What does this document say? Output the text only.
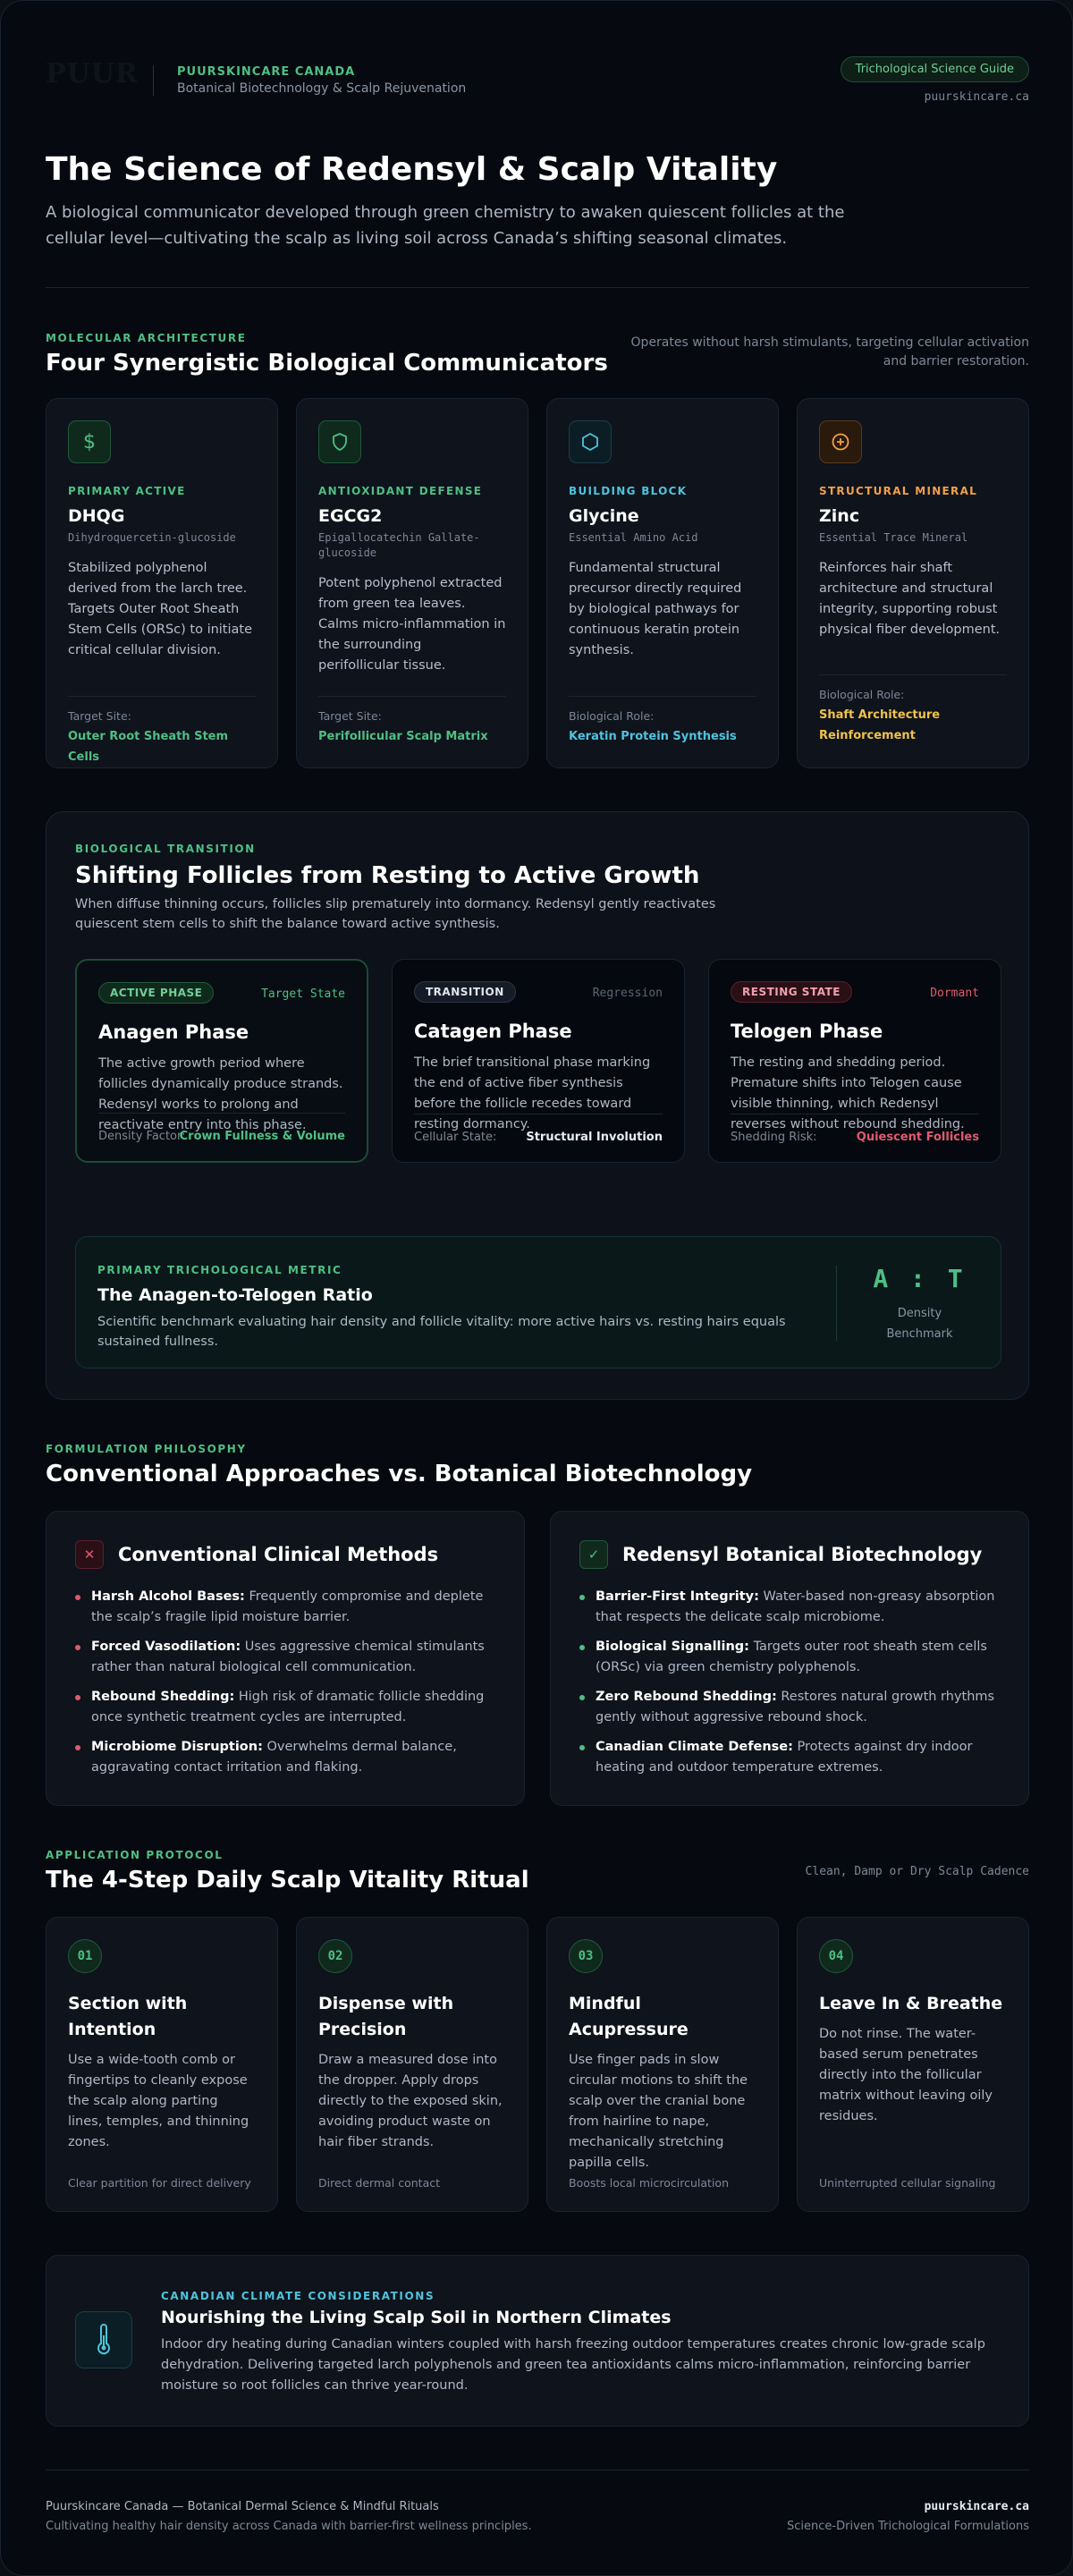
PUUR	PUURSKINCARE CANADA
Botanical Biotechnology & Scalp Rejuvenation
Trichological Science Guide
puurskincare.ca
The Science of Redensyl & Scalp Vitality

A biological communicator developed through green chemistry to awaken quiescent follicles at the cellular level—cultivating the scalp as living soil across Canada’s shifting seasonal climates.

MOLECULAR ARCHITECTURE
Four Synergistic Biological Communicators
Operates without harsh stimulants, targeting cellular activation and barrier restoration.
$
PRIMARY ACTIVE
DHQG
Dihydroquercetin-glucoside
Stabilized polyphenol derived from the larch tree. Targets Outer Root Sheath Stem Cells (ORSc) to initiate critical cellular division.
Target Site:
Outer Root Sheath Stem Cells
ANTIOXIDANT DEFENSE
EGCG2
Epigallocatechin Gallate-glucoside
Potent polyphenol extracted from green tea leaves. Calms micro-inflammation in the surrounding perifollicular tissue.
Target Site:
Perifollicular Scalp Matrix
BUILDING BLOCK
Glycine
Essential Amino Acid
Fundamental structural precursor directly required by biological pathways for continuous keratin protein synthesis.
Biological Role:
Keratin Protein Synthesis
STRUCTURAL MINERAL
Zinc
Essential Trace Mineral
Reinforces hair shaft architecture and structural integrity, supporting robust physical fiber development.
Biological Role:
Shaft Architecture Reinforcement
BIOLOGICAL TRANSITION
Shifting Follicles from Resting to Active Growth
When diffuse thinning occurs, follicles slip prematurely into dormancy. Redensyl gently reactivates quiescent stem cells to shift the balance toward active synthesis.
ACTIVE PHASE	Target State
Anagen Phase
The active growth period where follicles dynamically produce strands. Redensyl works to prolong and reactivate entry into this phase.
Density Factor:
Crown Fullness & Volume
TRANSITION	Regression
Catagen Phase
The brief transitional phase marking the end of active fiber synthesis before the follicle recedes toward resting dormancy.
Cellular State:	Structural Involution
RESTING STATE	Dormant
Telogen Phase
The resting and shedding period. Premature shifts into Telogen cause visible thinning, which Redensyl reverses without rebound shedding.
Shedding Risk:	Quiescent Follicles
PRIMARY TRICHOLOGICAL METRIC
The Anagen-to-Telogen Ratio
Scientific benchmark evaluating hair density and follicle vitality: more active hairs vs. resting hairs equals sustained fullness.
A : T
Density Benchmark
FORMULATION PHILOSOPHY
Conventional Approaches vs. Botanical Biotechnology
✕	Conventional Clinical Methods
Harsh Alcohol Bases: Frequently compromise and deplete the scalp’s fragile lipid moisture barrier.
Forced Vasodilation: Uses aggressive chemical stimulants rather than natural biological cell communication.
Rebound Shedding: High risk of dramatic follicle shedding once synthetic treatment cycles are interrupted.
Microbiome Disruption: Overwhelms dermal balance, aggravating contact irritation and flaking.
✓	Redensyl Botanical Biotechnology
Barrier-First Integrity: Water-based non-greasy absorption that respects the delicate scalp microbiome.
Biological Signalling: Targets outer root sheath stem cells (ORSc) via green chemistry polyphenols.
Zero Rebound Shedding: Restores natural growth rhythms gently without aggressive rebound shock.
Canadian Climate Defense: Protects against dry indoor heating and outdoor temperature extremes.
APPLICATION PROTOCOL
The 4-Step Daily Scalp Vitality Ritual	Clean, Damp or Dry Scalp Cadence
01
Section with Intention
Use a wide-tooth comb or fingertips to cleanly expose the scalp along parting lines, temples, and thinning zones.
Clear partition for direct delivery
02
Dispense with Precision
Draw a measured dose into the dropper. Apply drops directly to the exposed skin, avoiding product waste on hair fiber strands.
Direct dermal contact
03
Mindful Acupressure
Use finger pads in slow circular motions to shift the scalp over the cranial bone from hairline to nape, mechanically stretching papilla cells.
Boosts local microcirculation
04
Leave In & Breathe
Do not rinse. The water-based serum penetrates directly into the follicular matrix without leaving oily residues.
Uninterrupted cellular signaling
CANADIAN CLIMATE CONSIDERATIONS
Nourishing the Living Scalp Soil in Northern Climates
Indoor dry heating during Canadian winters coupled with harsh freezing outdoor temperatures creates chronic low-grade scalp dehydration. Delivering targeted larch polyphenols and green tea antioxidants calms micro-inflammation, reinforcing barrier moisture so root follicles can thrive year-round.
Puurskincare Canada — Botanical Dermal Science & Mindful Rituals
Cultivating healthy hair density across Canada with barrier-first wellness principles.
puurskincare.ca
Science-Driven Trichological Formulations
